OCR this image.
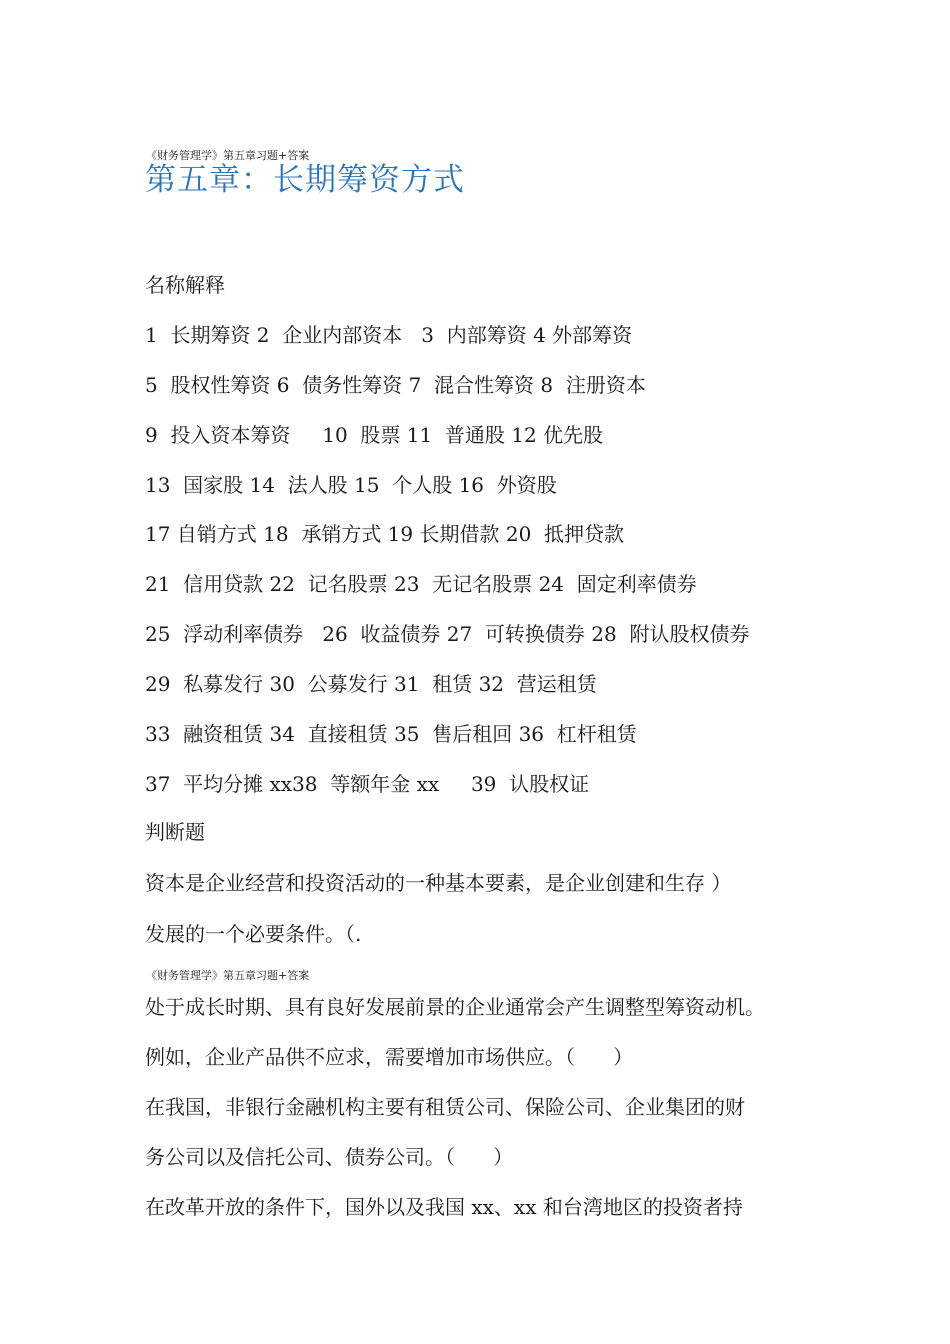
《财务管理学》第五章习题+答案
第五章：长期筹资方式
名称解释
1  长期筹资 2  企业内部资本   3  内部筹资 4 外部筹资
5  股权性筹资 6  债务性筹资 7  混合性筹资 8  注册资本
9  投入资本筹资     10  股票 11  普通股 12 优先股
13  国家股 14  法人股 15  个人股 16  外资股
17 自销方式 18  承销方式 19 长期借款 20  抵押贷款
21  信用贷款 22  记名股票 23  无记名股票 24  固定利率债券
25  浮动利率债券   26  收益债券 27  可转换债券 28  附认股权债券
29  私募发行 30  公募发行 31  租赁 32  营运租赁
33  融资租赁 34  直接租赁 35  售后租回 36  杠杆租赁
37  平均分摊 xx38  等额年金 xx     39  认股权证
判断题
资本是企业经营和投资活动的一种基本要素，是企业创建和生存 ）
发展的一个必要条件。（.
《财务管理学》第五章习题+答案
处于成长时期、具有良好发展前景的企业通常会产生调整型筹资动机。
例如，企业产品供不应求，需要增加市场供应。（      ）
在我国，非银行金融机构主要有租赁公司、保险公司、企业集团的财
务公司以及信托公司、债券公司。（      ）
在改革开放的条件下，国外以及我国 xx、xx 和台湾地区的投资者持
